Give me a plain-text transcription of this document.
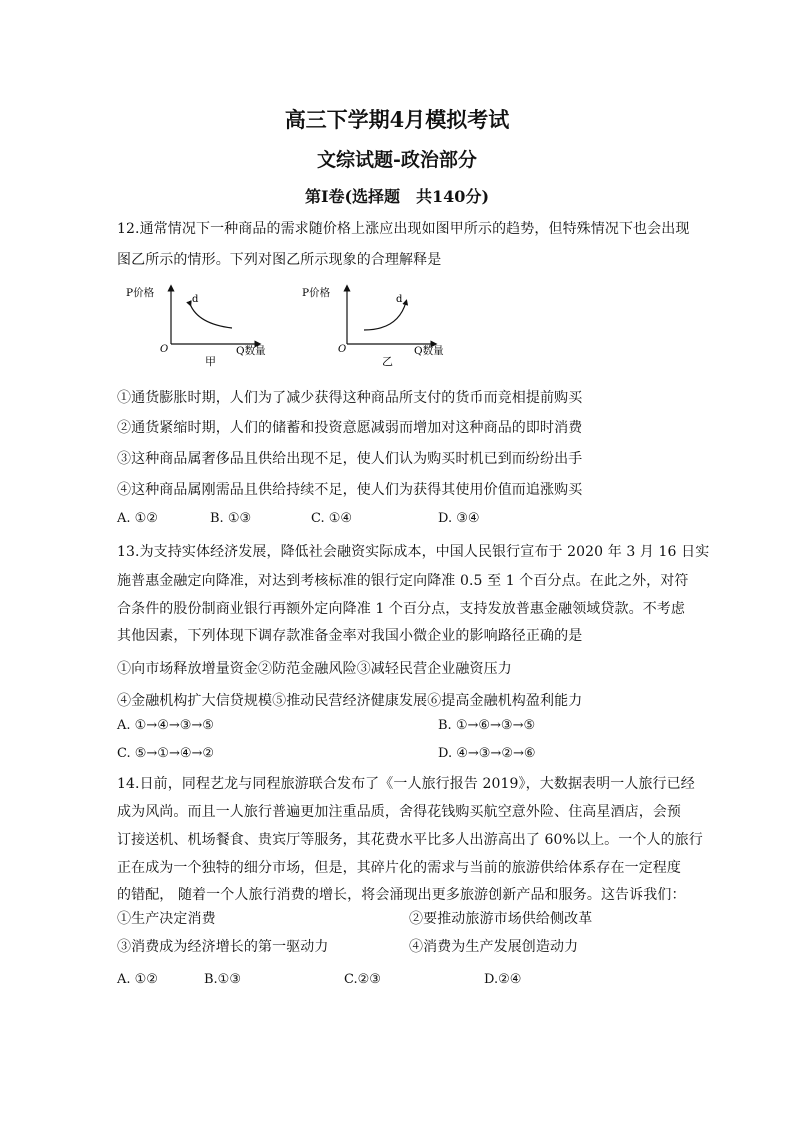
高三下学期4月模拟考试
文综试题-政治部分
第Ⅰ卷(选择题　共140分)
12.通常情况下一种商品的需求随价格上涨应出现如图甲所示的趋势，但特殊情况下也会出现
图乙所示的情形。下列对图乙所示现象的合理解释是
P价格
d
O	Q数量
甲
P价格
d
O	Q数量
乙
①通货膨胀时期，人们为了减少获得这种商品所支付的货币而竞相提前购买
②通货紧缩时期，人们的储蓄和投资意愿减弱而增加对这种商品的即时消费
③这种商品属奢侈品且供给出现不足，使人们认为购买时机已到而纷纷出手
④这种商品属刚需品且供给持续不足，使人们为获得其使用价值而追涨购买
A. ①②	B. ①③	C. ①④	D. ③④
13.为支持实体经济发展，降低社会融资实际成本，中国人民银行宣布于 2020 年 3 月 16 日实
施普惠金融定向降准，对达到考核标准的银行定向降准 0.5 至 1 个百分点。在此之外，对符
合条件的股份制商业银行再额外定向降准 1 个百分点，支持发放普惠金融领域贷款。不考虑
其他因素，下列体现下调存款准备金率对我国小微企业的影响路径正确的是
①向市场释放增量资金②防范金融风险③减轻民营企业融资压力
④金融机构扩大信贷规模⑤推动民营经济健康发展⑥提高金融机构盈利能力
A. ①→④→③→⑤	B. ①→⑥→③→⑤
C. ⑤→①→④→②	D. ④→③→②→⑥
14.日前，同程艺龙与同程旅游联合发布了《一人旅行报告 2019》，大数据表明一人旅行已经
成为风尚。而且一人旅行普遍更加注重品质，舍得花钱购买航空意外险、住高星酒店，会预
订接送机、机场餐食、贵宾厅等服务，其花费水平比多人出游高出了 60%以上。一个人的旅行
正在成为一个独特的细分市场，但是，其碎片化的需求与当前的旅游供给体系存在一定程度
的错配， 随着一个人旅行消费的增长，将会涌现出更多旅游创新产品和服务。这告诉我们：
①生产决定消费	②要推动旅游市场供给侧改革
③消费成为经济增长的第一驱动力	④消费为生产发展创造动力
A. ①②	B.①③	C.②③	D.②④
